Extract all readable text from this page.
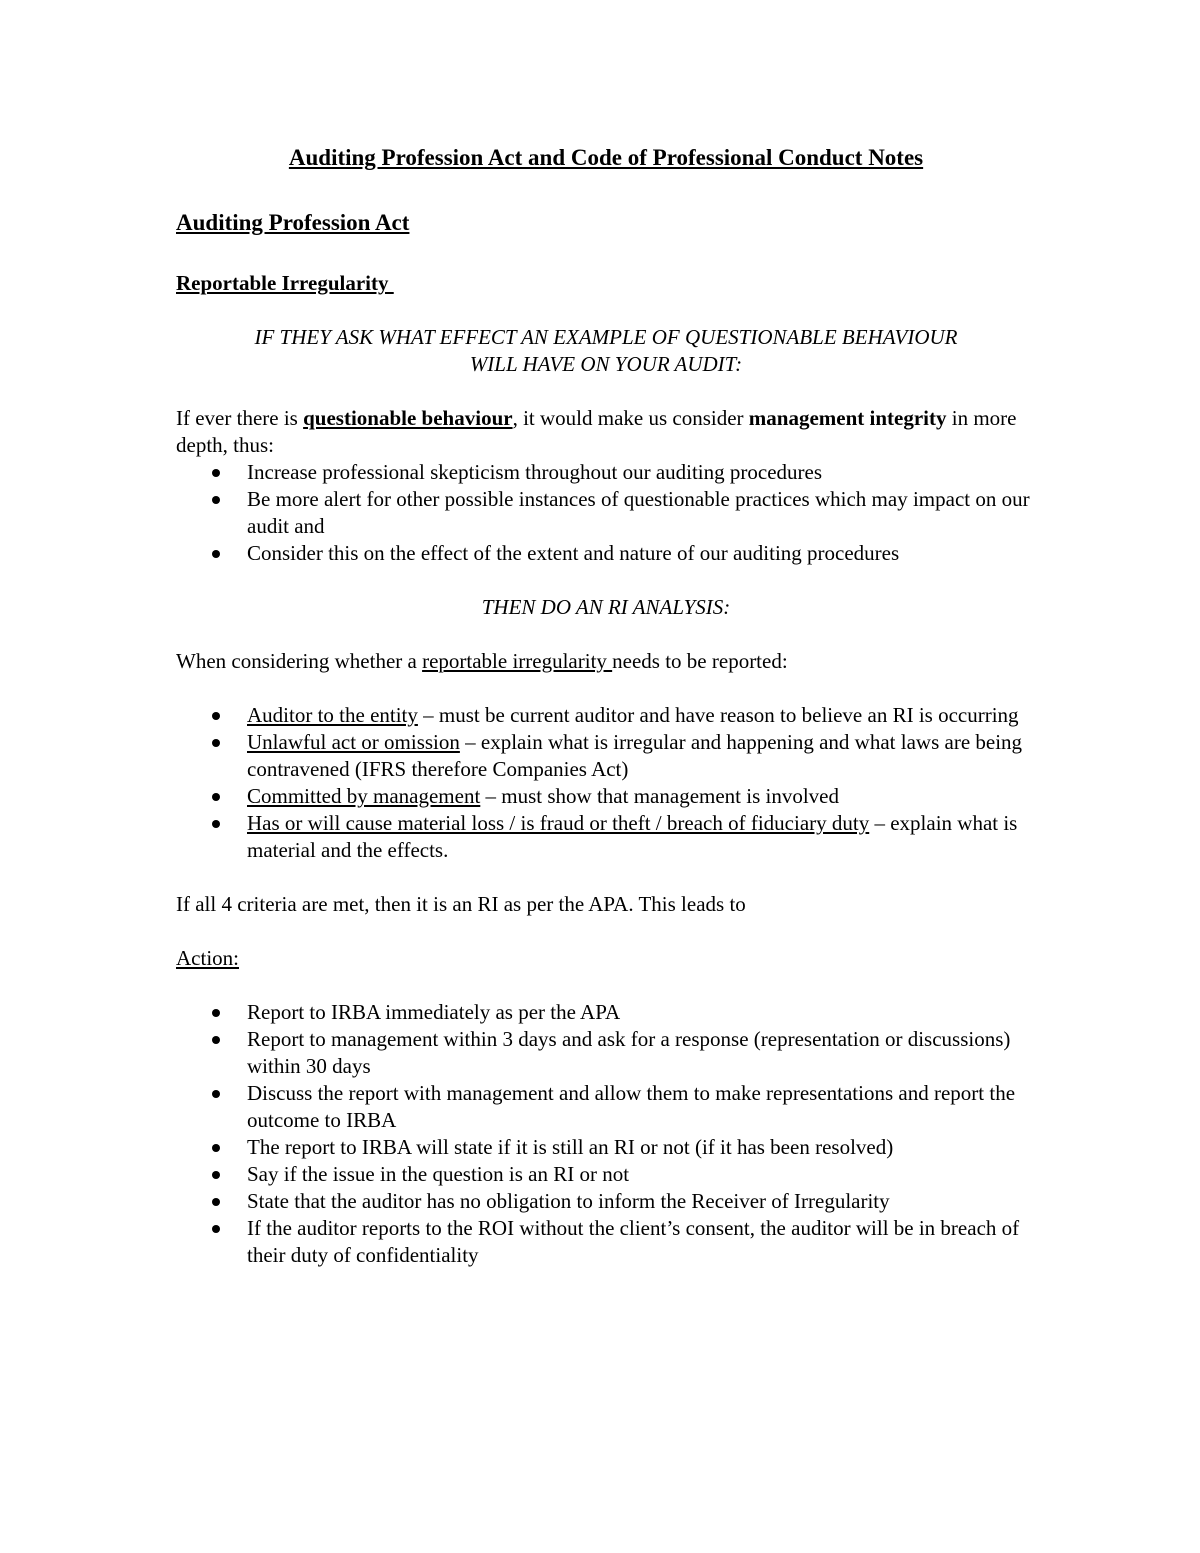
Auditing Profession Act and Code of Professional Conduct Notes

Auditing Profession Act

Reportable Irregularity

IF THEY ASK WHAT EFFECT AN EXAMPLE OF QUESTIONABLE BEHAVIOUR

WILL HAVE ON YOUR AUDIT:

If ever there is questionable behaviour, it would make us consider management integrity in more depth, thus:

Increase professional skepticism throughout our auditing procedures
Be more alert for other possible instances of questionable practices which may impact on our audit and
Consider this on the effect of the extent and nature of our auditing procedures

THEN DO AN RI ANALYSIS:

When considering whether a reportable irregularity needs to be reported:

Auditor to the entity – must be current auditor and have reason to believe an RI is occurring
Unlawful act or omission – explain what is irregular and happening and what laws are being contravened (IFRS therefore Companies Act)
Committed by management – must show that management is involved
Has or will cause material loss / is fraud or theft / breach of fiduciary duty – explain what is material and the effects.

If all 4 criteria are met, then it is an RI as per the APA. This leads to

Action:

Report to IRBA immediately as per the APA
Report to management within 3 days and ask for a response (representation or discussions) within 30 days
Discuss the report with management and allow them to make representations and report the outcome to IRBA
The report to IRBA will state if it is still an RI or not (if it has been resolved)
Say if the issue in the question is an RI or not
State that the auditor has no obligation to inform the Receiver of Irregularity
If the auditor reports to the ROI without the client’s consent, the auditor will be in breach of their duty of confidentiality
